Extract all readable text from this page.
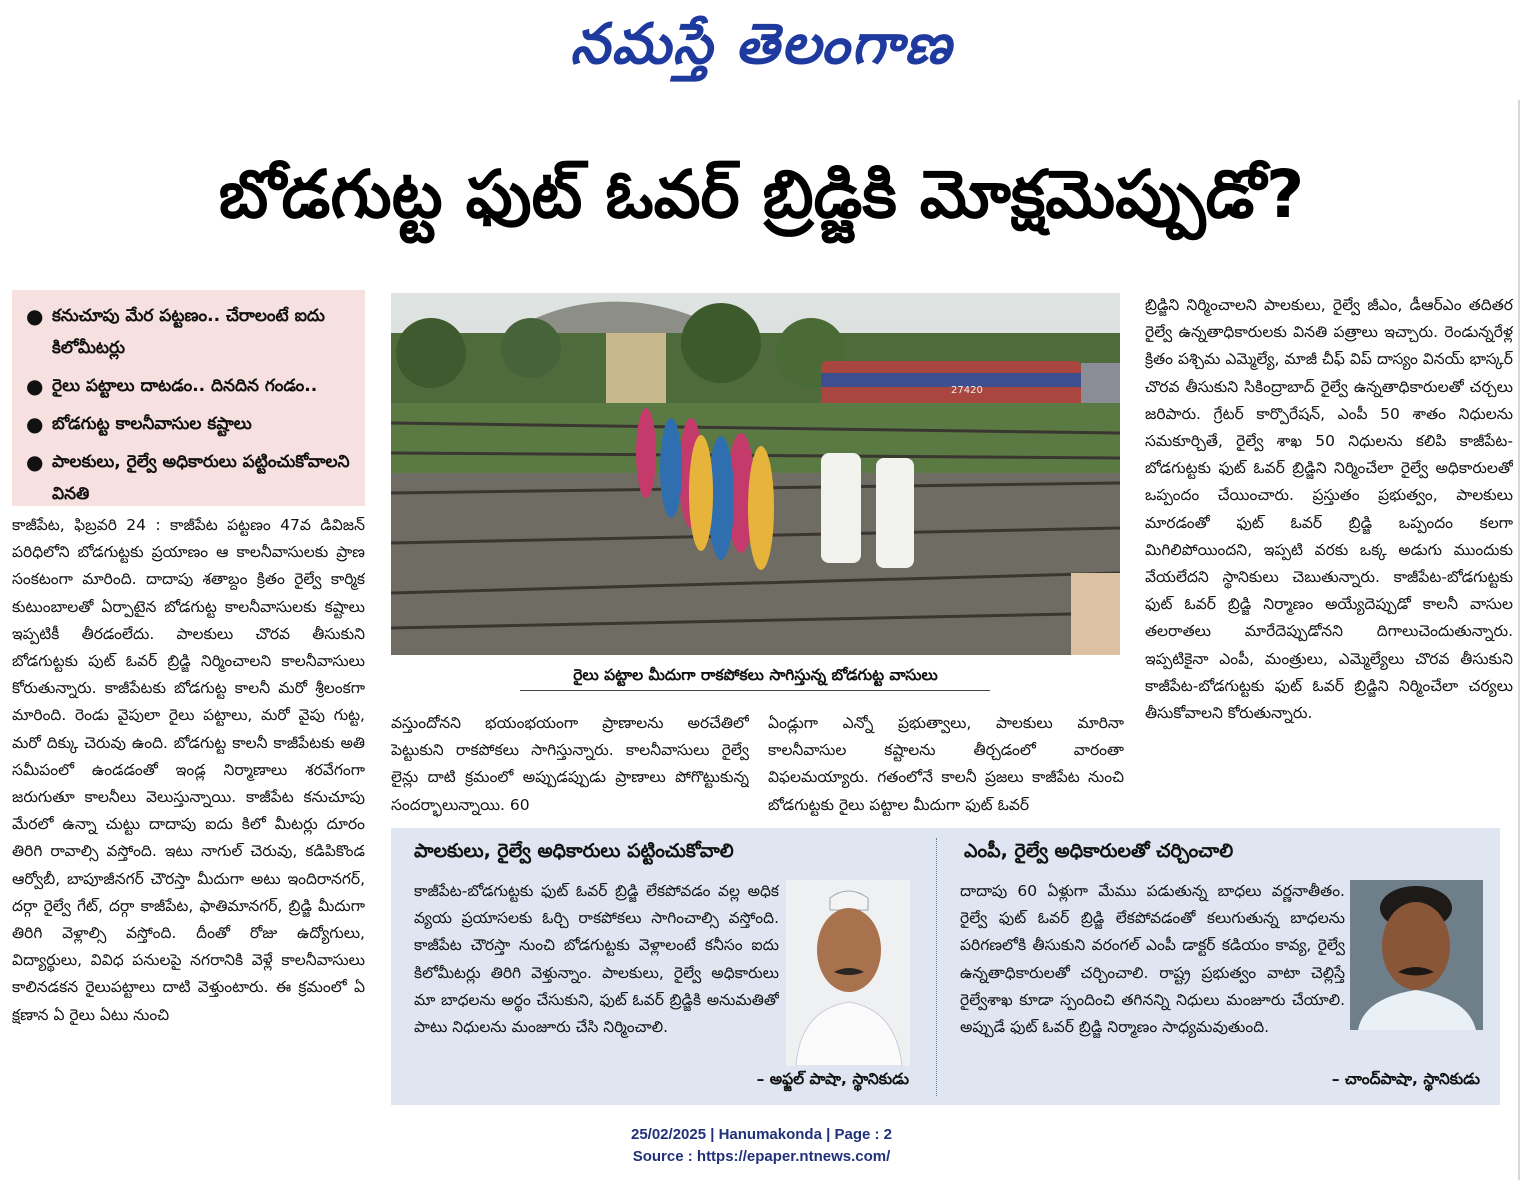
నమస్తే తెలంగాణ
బోడగుట్ట ఫుట్ ఓవర్ బ్రిడ్జికి మోక్షమెప్పుడో?
● కనుచూపు మేర పట్టణం.. చేరాలంటే ఐదు కిలోమీటర్లు
● రైలు పట్టాలు దాటడం.. దినదిన గండం..
● బోడగుట్ట కాలనీవాసుల కష్టాలు
● పాలకులు, రైల్వే అధికారులు పట్టించుకోవాలని వినతి
కాజీపేట, ఫిబ్రవరి 24 : కాజీపేట పట్టణం 47వ డివిజన్ పరిధిలోని బోడగుట్టకు ప్రయాణం ఆ కాలనీవాసులకు ప్రాణ సంకటంగా మారింది. దాదాపు శతాబ్దం క్రితం రైల్వే కార్మిక కుటుంబాలతో ఏర్పాటైన బోడగుట్ట కాలనీవాసులకు కష్టాలు ఇప్పటికీ తీరడంలేదు. పాలకులు చొరవ తీసుకుని బోడగుట్టకు పుట్ ఓవర్ బ్రిడ్జి నిర్మించాలని కాలనీవాసులు కోరుతున్నారు. కాజీపేటకు బోడగుట్ట కాలనీ మరో శ్రీలంకగా మారింది. రెండు వైపులా రైలు పట్టాలు, మరో వైపు గుట్ట, మరో దిక్కు చెరువు ఉంది. బోడగుట్ట కాలనీ కాజీపేటకు అతి సమీపంలో ఉండడంతో ఇండ్ల నిర్మాణాలు శరవేగంగా జరుగుతూ కాలనీలు వెలుస్తున్నాయి. కాజీపేట కనుచూపు మేరలో ఉన్నా చుట్టు దాదాపు ఐదు కిలో మీటర్లు దూరం తిరిగి రావాల్సి వస్తోంది. ఇటు నాగుల్ చెరువు, కడిపికొండ ఆర్వోబీ, బాపూజీనగర్ చౌరస్తా మీదుగా అటు ఇందిరానగర్, దర్గా రైల్వే గేట్, దర్గా కాజీపేట, ఫాతిమానగర్, బ్రిడ్జి మీదుగా తిరిగి వెళ్లాల్సి వస్తోంది. దీంతో రోజు ఉద్యోగులు, విద్యార్థులు, వివిధ పనులపై నగరానికి వెళ్లే కాలనీవాసులు కాలినడకన రైలుపట్టాలు దాటి వెళ్తుంటారు. ఈ క్రమంలో ఏ క్షణాన ఏ రైలు ఏటు నుంచి
27420
రైలు పట్టాల మీదుగా రాకపోకలు సాగిస్తున్న బోడగుట్ట వాసులు
వస్తుందోనని భయంభయంగా ప్రాణాలను అరచేతిలో పెట్టుకుని రాకపోకలు సాగిస్తున్నారు. కాలనీవాసులు రైల్వే లైన్లు దాటి క్రమంలో అప్పుడప్పుడు ప్రాణాలు పోగొట్టుకున్న సందర్భాలున్నాయి. 60
ఏండ్లుగా ఎన్నో ప్రభుత్వాలు, పాలకులు మారినా కాలనీవాసుల కష్టాలను తీర్చడంలో వారంతా విఫలమయ్యారు. గతంలోనే కాలనీ ప్రజలు కాజీపేట నుంచి బోడగుట్టకు రైలు పట్టాల మీదుగా ఫుట్ ఓవర్
బ్రిడ్జిని నిర్మించాలని పాలకులు, రైల్వే జీఎం, డీఆర్ఎం తదితర రైల్వే ఉన్నతాధికారులకు వినతి పత్రాలు ఇచ్చారు. రెండున్నరేళ్ల క్రితం పశ్చిమ ఎమ్మెల్యే, మాజీ చీఫ్ విప్ దాస్యం వినయ్ భాస్కర్ చొరవ తీసుకుని సికింద్రాబాద్ రైల్వే ఉన్నతాధికారులతో చర్చలు జరిపారు. గ్రేటర్ కార్పొరేషన్, ఎంపీ 50 శాతం నిధులను సమకూర్చితే, రైల్వే శాఖ 50 నిధులను కలిపి కాజీపేట-బోడగుట్టకు ఫుట్ ఓవర్ బ్రిడ్జిని నిర్మించేలా రైల్వే అధికారులతో ఒప్పందం చేయించారు. ప్రస్తుతం ప్రభుత్వం, పాలకులు మారడంతో ఫుట్ ఓవర్ బ్రిడ్జి ఒప్పందం కలగా మిగిలిపోయిందని, ఇప్పటి వరకు ఒక్క అడుగు ముందుకు వేయలేదని స్థానికులు చెబుతున్నారు. కాజీపేట-బోడగుట్టకు ఫుట్ ఓవర్ బ్రిడ్జి నిర్మాణం అయ్యేదెప్పుడో కాలనీ వాసుల తలరాతలు మారేదెప్పుడోనని దిగాలుచెందుతున్నారు. ఇప్పటికైనా ఎంపీ, మంత్రులు, ఎమ్మెల్యేలు చొరవ తీసుకుని కాజీపేట-బోడగుట్టకు ఫుట్ ఓవర్ బ్రిడ్జిని నిర్మించేలా చర్యలు తీసుకోవాలని కోరుతున్నారు.
పాలకులు, రైల్వే అధికారులు పట్టించుకోవాలి
కాజీపేట-బోడగుట్టకు ఫుట్ ఓవర్ బ్రిడ్జి లేకపోవడం వల్ల అధిక వ్యయ ప్రయాసలకు ఓర్చి రాకపోకలు సాగించాల్సి వస్తోంది. కాజీపేట చౌరస్తా నుంచి బోడగుట్టకు వెళ్లాలంటే కనీసం ఐదు కిలోమీటర్లు తిరిగి వెళ్తున్నాం. పాలకులు, రైల్వే అధికారులు మా బాధలను అర్థం చేసుకుని, ఫుట్ ఓవర్ బ్రిడ్జికి అనుమతితో పాటు నిధులను మంజూరు చేసి నిర్మించాలి.
– అఫ్జల్ పాషా, స్థానికుడు
ఎంపీ, రైల్వే అధికారులతో చర్చించాలి
దాదాపు 60 ఏళ్లుగా మేము పడుతున్న బాధలు వర్ణనాతీతం. రైల్వే ఫుట్ ఓవర్ బ్రిడ్జి లేకపోవడంతో కలుగుతున్న బాధలను పరిగణలోకి తీసుకుని వరంగల్ ఎంపీ డాక్టర్ కడియం కావ్య, రైల్వే ఉన్నతాధికారులతో చర్చించాలి. రాష్ట్ర ప్రభుత్వం వాటా చెల్లిస్తే రైల్వేశాఖ కూడా స్పందించి తగినన్ని నిధులు మంజూరు చేయాలి. అప్పుడే ఫుట్ ఓవర్ బ్రిడ్జి నిర్మాణం సాధ్యమవుతుంది.
– చాంద్‌పాషా, స్థానికుడు
25/02/2025 | Hanumakonda | Page : 2
Source : https://epaper.ntnews.com/
